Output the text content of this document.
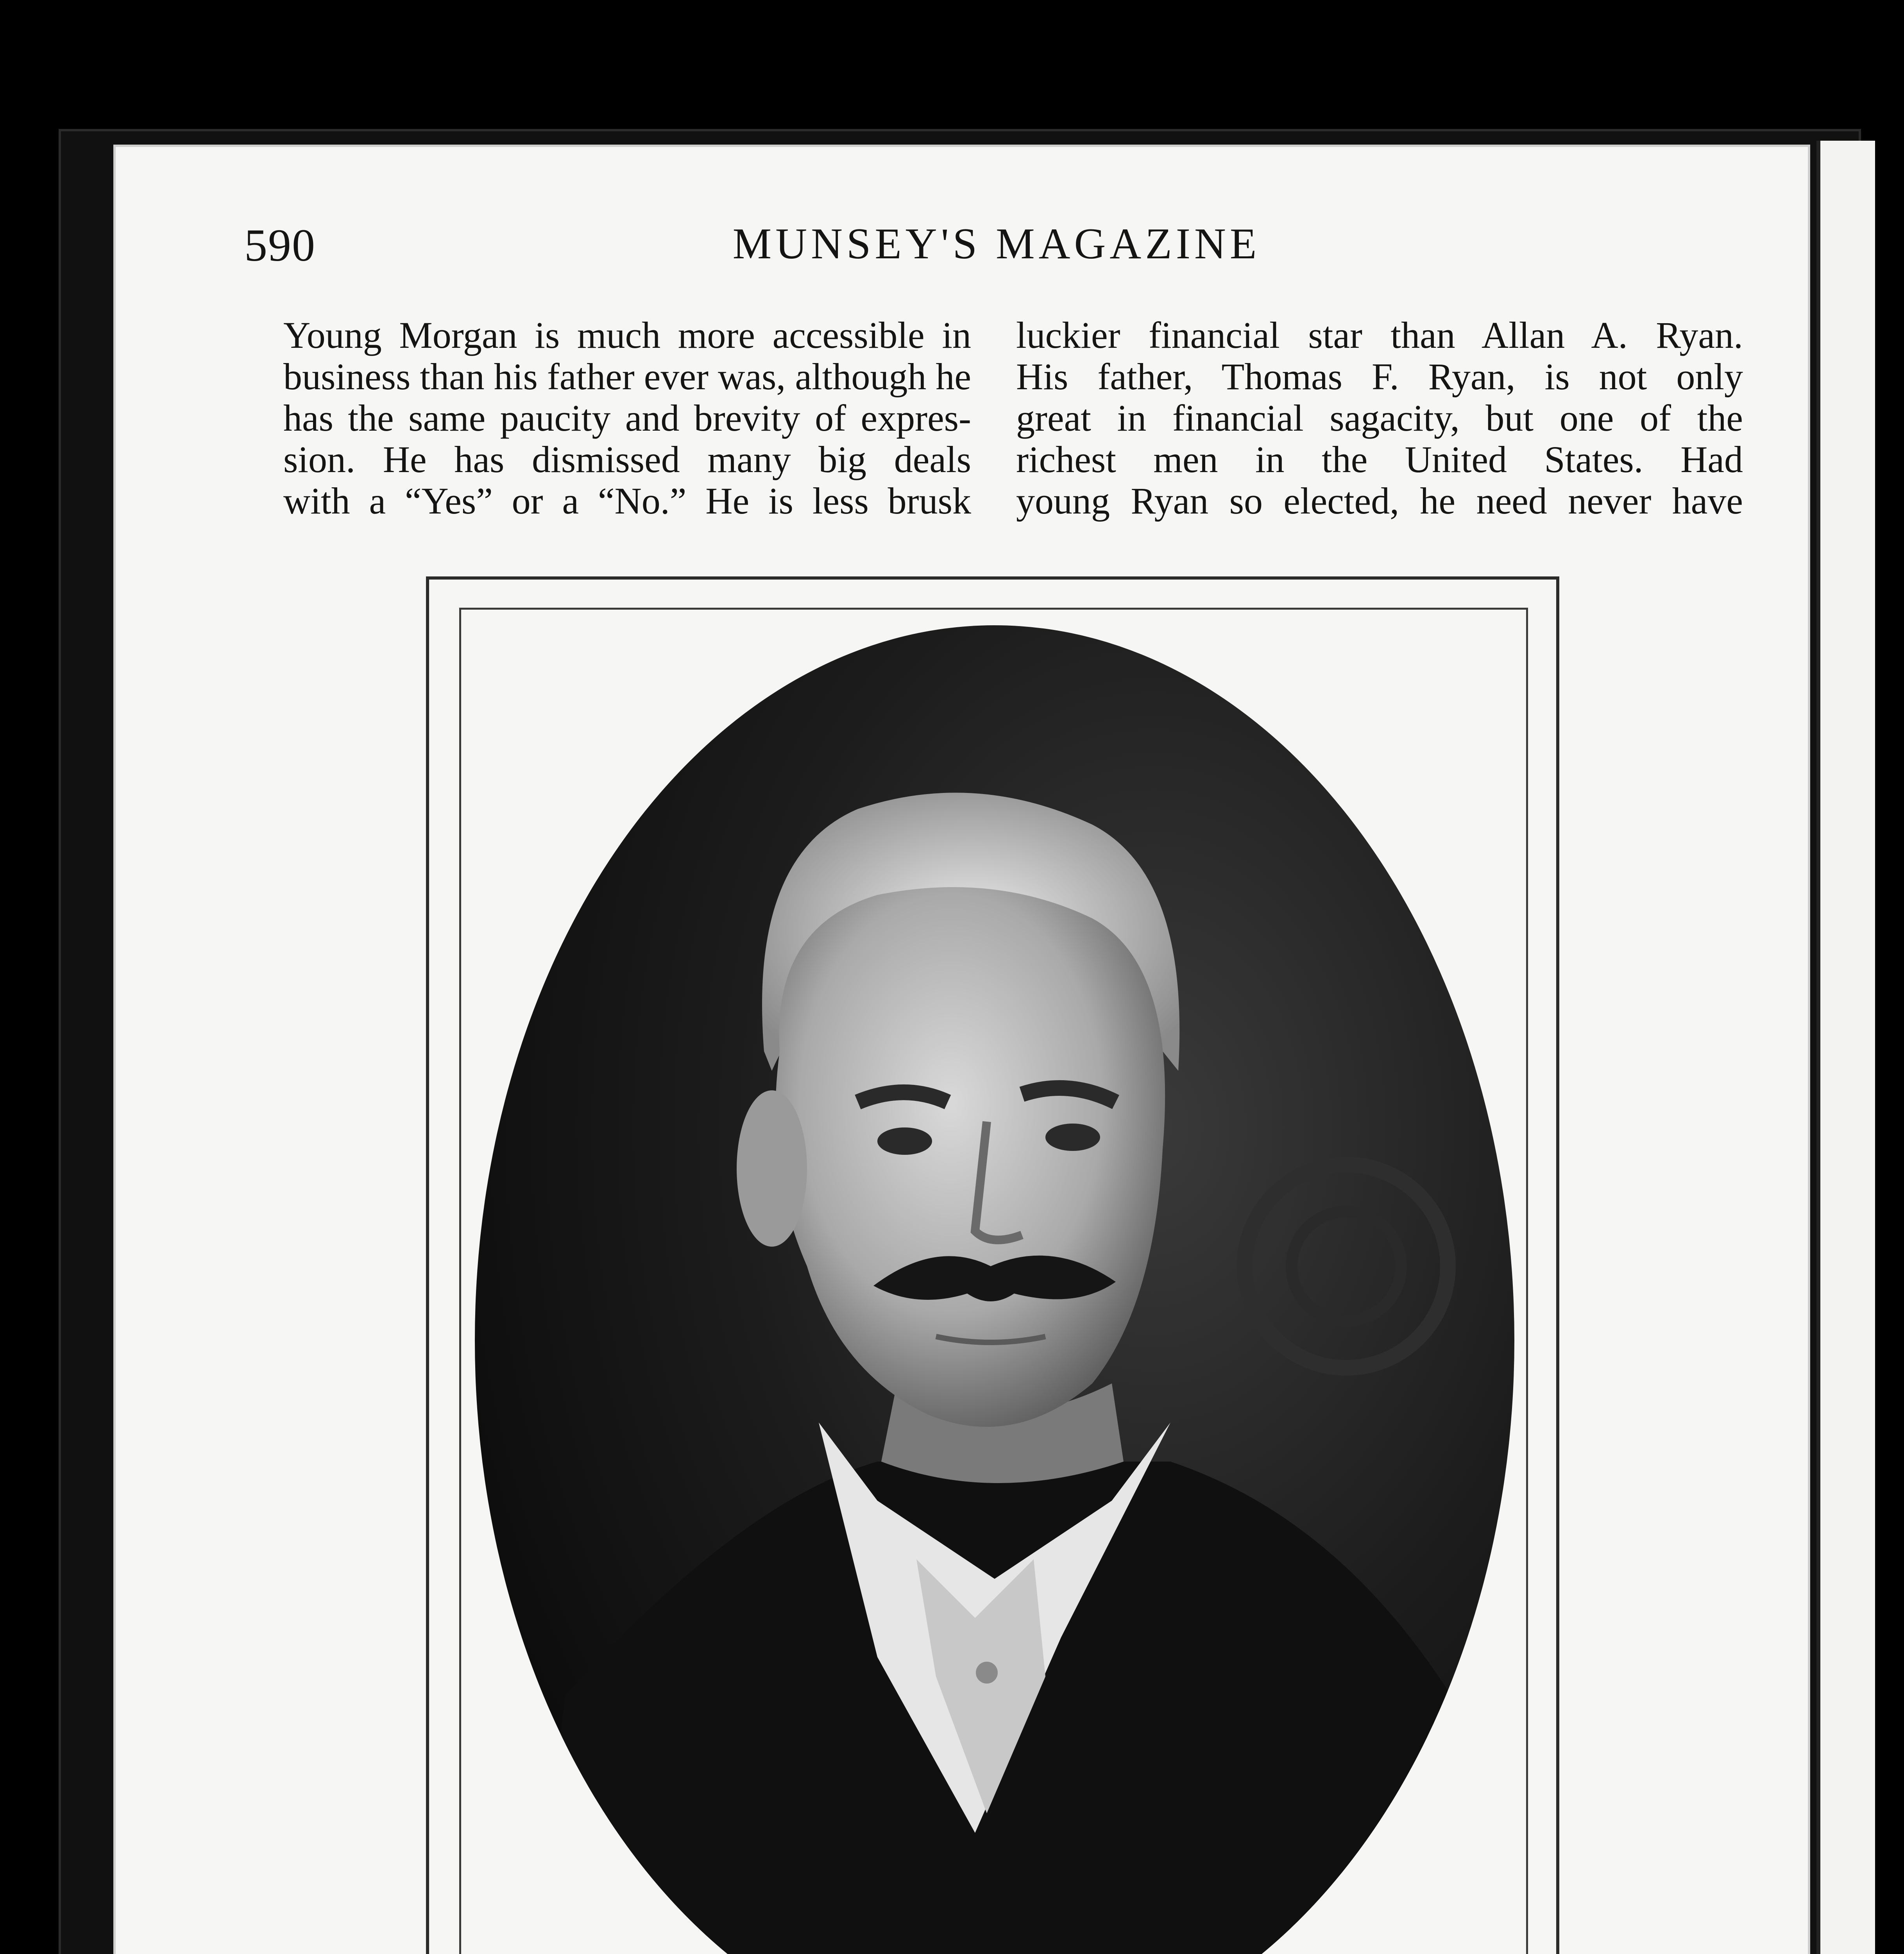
590	MUNSEY'S MAGAZINE

Young Morgan is much more accessible in
business than his father ever was, although he
has the same paucity and brevity of expres-
sion. He has dismissed many big deals
with a “Yes” or a “No.” He is less brusk

luckier financial star than Allan A. Ryan.
His father, Thomas F. Ryan, is not only
great in financial sagacity, but one of the
richest men in the United States. Had
young Ryan so elected, he need never have
